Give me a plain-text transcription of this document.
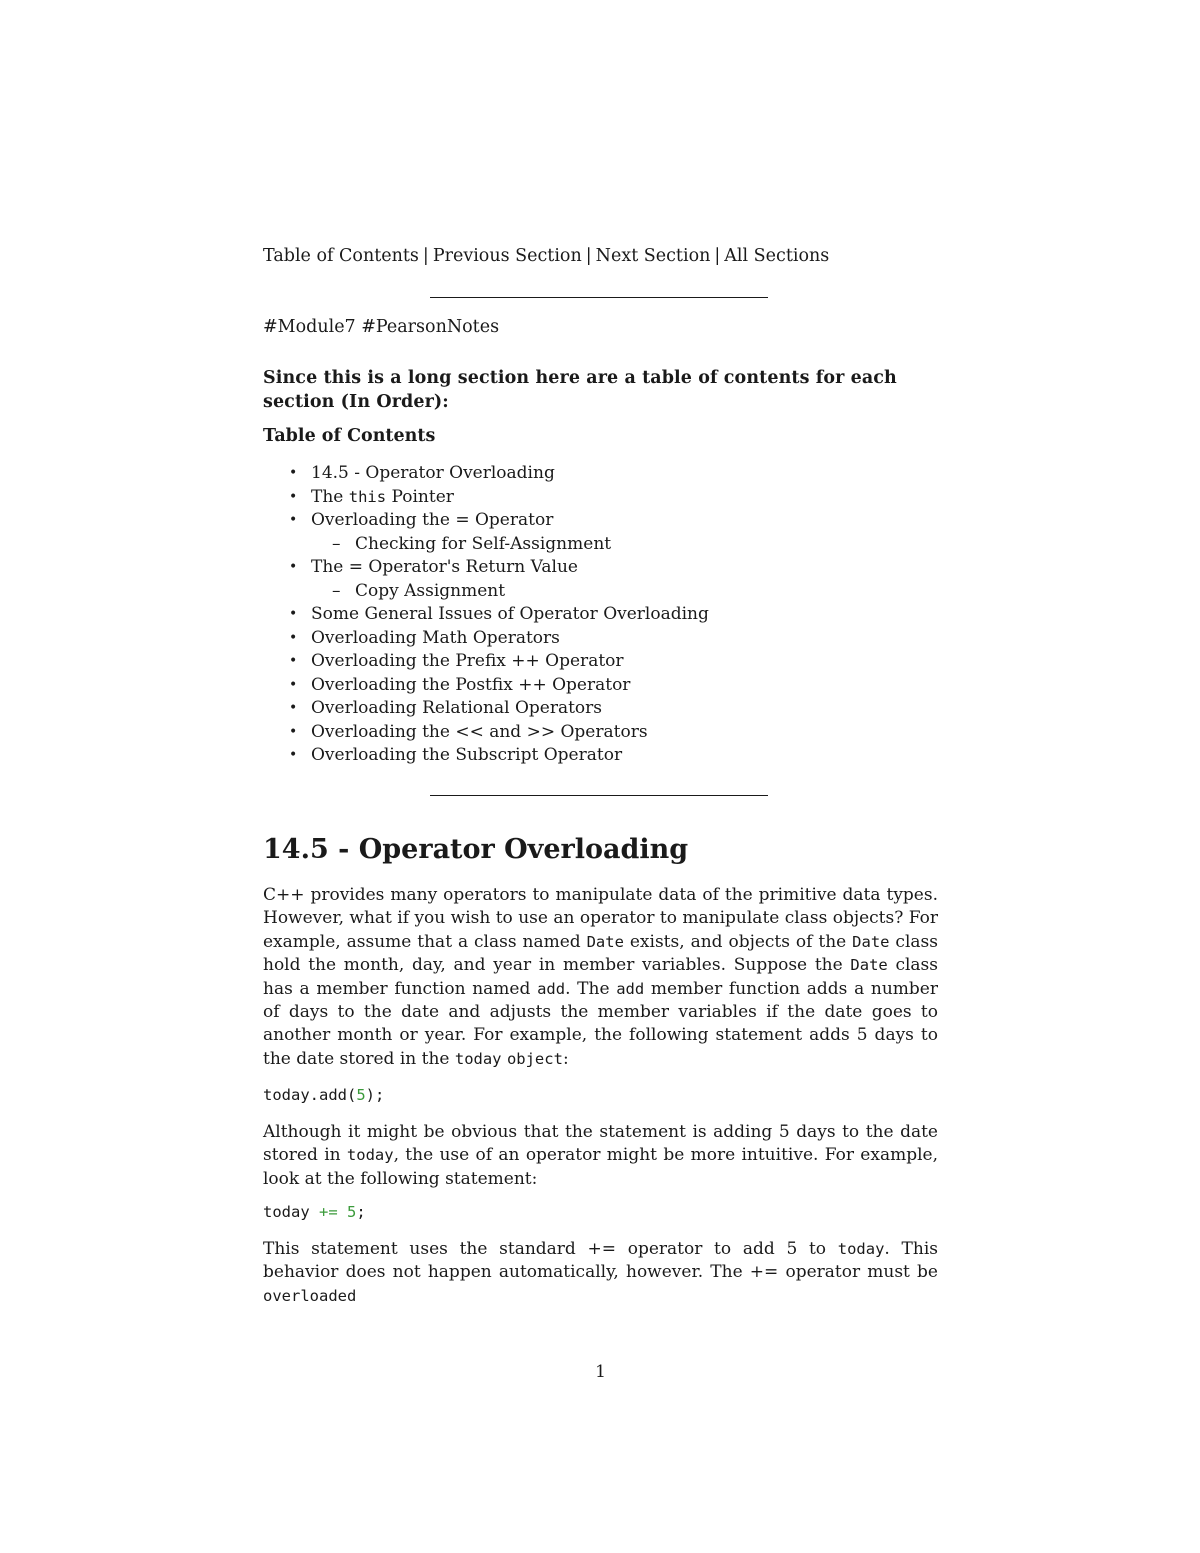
Table of Contents | Previous Section | Next Section | All Sections
#Module7 #PearsonNotes
Since this is a long section here are a table of contents for each section (In Order):
Table of Contents
• 14.5 - Operator Overloading
• The this Pointer
• Overloading the = Operator
– Checking for Self-Assignment
• The = Operator's Return Value
– Copy Assignment
• Some General Issues of Operator Overloading
• Overloading Math Operators
• Overloading the Prefix ++ Operator
• Overloading the Postfix ++ Operator
• Overloading Relational Operators
• Overloading the << and >> Operators
• Overloading the Subscript Operator
14.5 - Operator Overloading

C++ provides many operators to manipulate data of the primitive data types. However, what if you wish to use an operator to manipulate class objects? For example, assume that a class named Date exists, and objects of the Date class hold the month, day, and year in member variables. Suppose the Date class has a member function named add. The add member function adds a number of days to the date and adjusts the member variables if the date goes to another month or year. For example, the following statement adds 5 days to the date stored in the today object:

today.add(5);

Although it might be obvious that the statement is adding 5 days to the date stored in today, the use of an operator might be more intuitive. For example, look at the following statement:

today += 5;

This statement uses the standard += operator to add 5 to today. This behavior does not happen automatically, however. The += operator must be overloaded

1
